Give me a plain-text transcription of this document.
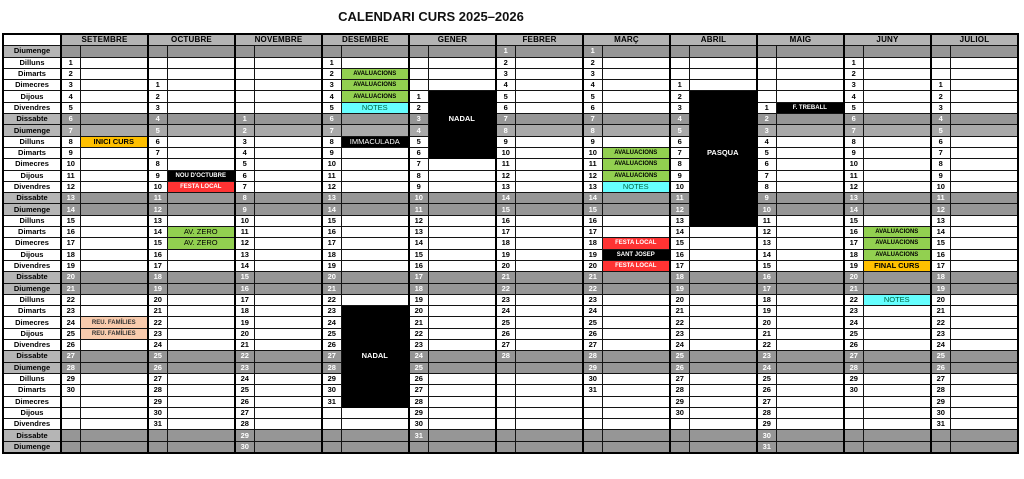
CALENDARI CURS 2025–2026
	SETEMBRE		OCTUBRE		NOVEMBRE		DESEMBRE		GENER		FEBRER		MARÇ		ABRIL		MAIG		JUNY		JULIOL	
Diumenge											1		1									
Dilluns	1						1				2		2						1			
Dimarts	2						2	AVALUACIONS			3		3						2			
Dimecres	3		1				3	AVALUACIONS			4		4		1				3		1	
Dijous	4		2				4	AVALUACIONS	1		5		5		2				4		2	
Divendres	5		3				5	NOTES	2		6		6		3		1	F. TREBALL	5		3	
Dissabte	6		4		1		6		3	NADAL	7		7		4		2		6		4	
Diumenge	7		5		2		7		4		8		8		5		3		7		5	
Dilluns	8	INICI CURS	6		3		8	IMMACULADA	5		9		9		6		4		8		6	
Dimarts	9		7		4		9		6		10		10	AVALUACIONS	7	PASQUA	5		9		7	
Dimecres	10		8		5		10		7		11		11	AVALUACIONS	8		6		10		8	
Dijous	11		9	NOU D'OCTUBRE	6		11		8		12		12	AVALUACIONS	9		7		11		9	
Divendres	12		10	FESTA LOCAL	7		12		9		13		13	NOTES	10		8		12		10	
Dissabte	13		11		8		13		10		14		14		11		9		13		11	
Diumenge	14		12		9		14		11		15		15		12		10		14		12	
Dilluns	15		13		10		15		12		16		16		13		11		15		13	
Dimarts	16		14	AV. ZERO	11		16		13		17		17		14		12		16	AVALUACIONS	14	
Dimecres	17		15	AV. ZERO	12		17		14		18		18	FESTA LOCAL	15		13		17	AVALUACIONS	15	
Dijous	18		16		13		18		15		19		19	SANT JOSEP	16		14		18	AVALUACIONS	16	
Divendres	19		17		14		19		16		20		20	FESTA LOCAL	17		15		19	FINAL CURS	17	
Dissabte	20		18		15		20		17		21		21		18		16		20		18	
Diumenge	21		19		16		21		18		22		22		19		17		21		19	
Dilluns	22		20		17		22		19		23		23		20		18		22	NOTES	20	
Dimarts	23		21		18		23		20		24		24		21		19		23		21	
Dimecres	24	REU. FAMÍLIES	22		19		24		21		25		25		22		20		24		22	
Dijous	25	REU. FAMÍLIES	23		20		25		22		26		26		23		21		25		23	
Divendres	26		24		21		26		23		27		27		24		22		26		24	
Dissabte	27		25		22		27	NADAL	24		28		28		25		23		27		25	
Diumenge	28		26		23		28		25				29		26		24		28		26	
Dilluns	29		27		24		29		26				30		27		25		29		27	
Dimarts	30		28		25		30		27				31		28		26		30		28	
Dimecres			29		26		31		28						29		27				29	
Dijous			30		27				29						30		28				30	
Divendres			31		28				30								29				31	
Dissabte					29				31								30					
Diumenge					30												31					
